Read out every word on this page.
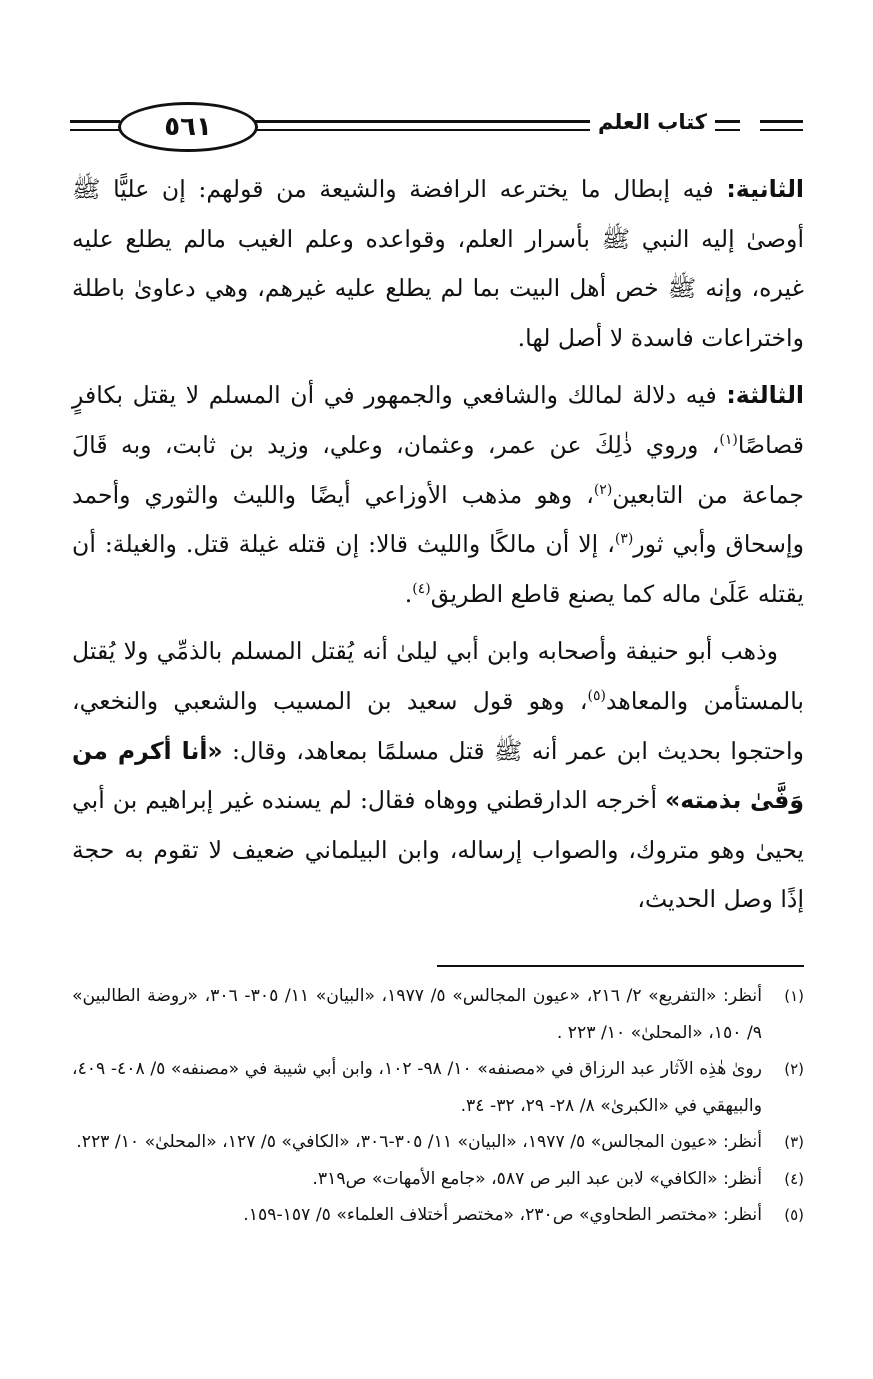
كتاب العلم
٥٦١

الثانية: فيه إبطال ما يخترعه الرافضة والشيعة من قولهم: إن عليًّا ﷺ أوصىٰ إليه النبي ﷺ بأسرار العلم، وقواعده وعلم الغيب مالم يطلع عليه غيره، وإنه ﷺ خص أهل البيت بما لم يطلع عليه غيرهم، وهي دعاوىٰ باطلة واختراعات فاسدة لا أصل لها.

الثالثة: فيه دلالة لمالك والشافعي والجمهور في أن المسلم لا يقتل بكافرٍ قصاصًا$^{(١)}$، وروي ذٰلِكَ عن عمر، وعثمان، وعلي، وزيد بن ثابت، وبه قَالَ جماعة من التابعين$^{(٢)}$، وهو مذهب الأوزاعي أيضًا والليث والثوري وأحمد وإسحاق وأبي ثور$^{(٣)}$، إلا أن مالكًا والليث قالا: إن قتله غيلة قتل. والغيلة: أن يقتله عَلَىٰ ماله كما يصنع قاطع الطريق$^{(٤)}$.

وذهب أبو حنيفة وأصحابه وابن أبي ليلىٰ أنه يُقتل المسلم بالذمِّي ولا يُقتل بالمستأمن والمعاهد$^{(٥)}$، وهو قول سعيد بن المسيب والشعبي والنخعي، واحتجوا بحديث ابن عمر أنه ﷺ قتل مسلمًا بمعاهد، وقال: «أنا أكرم من وَفَّىٰ بذمته» أخرجه الدارقطني ووهاه فقال: لم يسنده غير إبراهيم بن أبي يحيىٰ وهو متروك، والصواب إرساله، وابن البيلماني ضعيف لا تقوم به حجة إذًا وصل الحديث،

(١)
أنظر: «التفريع» ٢/ ٢١٦، «عيون المجالس» ٥/ ١٩٧٧، «البيان» ١١/ ٣٠٥- ٣٠٦، «روضة الطالبين» ٩/ ١٥٠، «المحلىٰ» ١٠/ ٢٢٣ .
(٢)
روىٰ هٰذِه الآثار عبد الرزاق في «مصنفه» ١٠/ ٩٨- ١٠٢، وابن أبي شيبة في «مصنفه» ٥/ ٤٠٨- ٤٠٩، والبيهقي في «الكبرىٰ» ٨/ ٢٨- ٢٩، ٣٢- ٣٤.
(٣)
أنظر: «عيون المجالس» ٥/ ١٩٧٧، «البيان» ١١/ ٣٠٥-٣٠٦، «الكافي» ٥/ ١٢٧، «المحلىٰ» ١٠/ ٢٢٣.
(٤)
أنظر: «الكافي» لابن عبد البر ص ٥٨٧، «جامع الأمهات» ص٣١٩.
(٥)
أنظر: «مختصر الطحاوي» ص٢٣٠، «مختصر أختلاف العلماء» ٥/ ١٥٧-١٥٩.
